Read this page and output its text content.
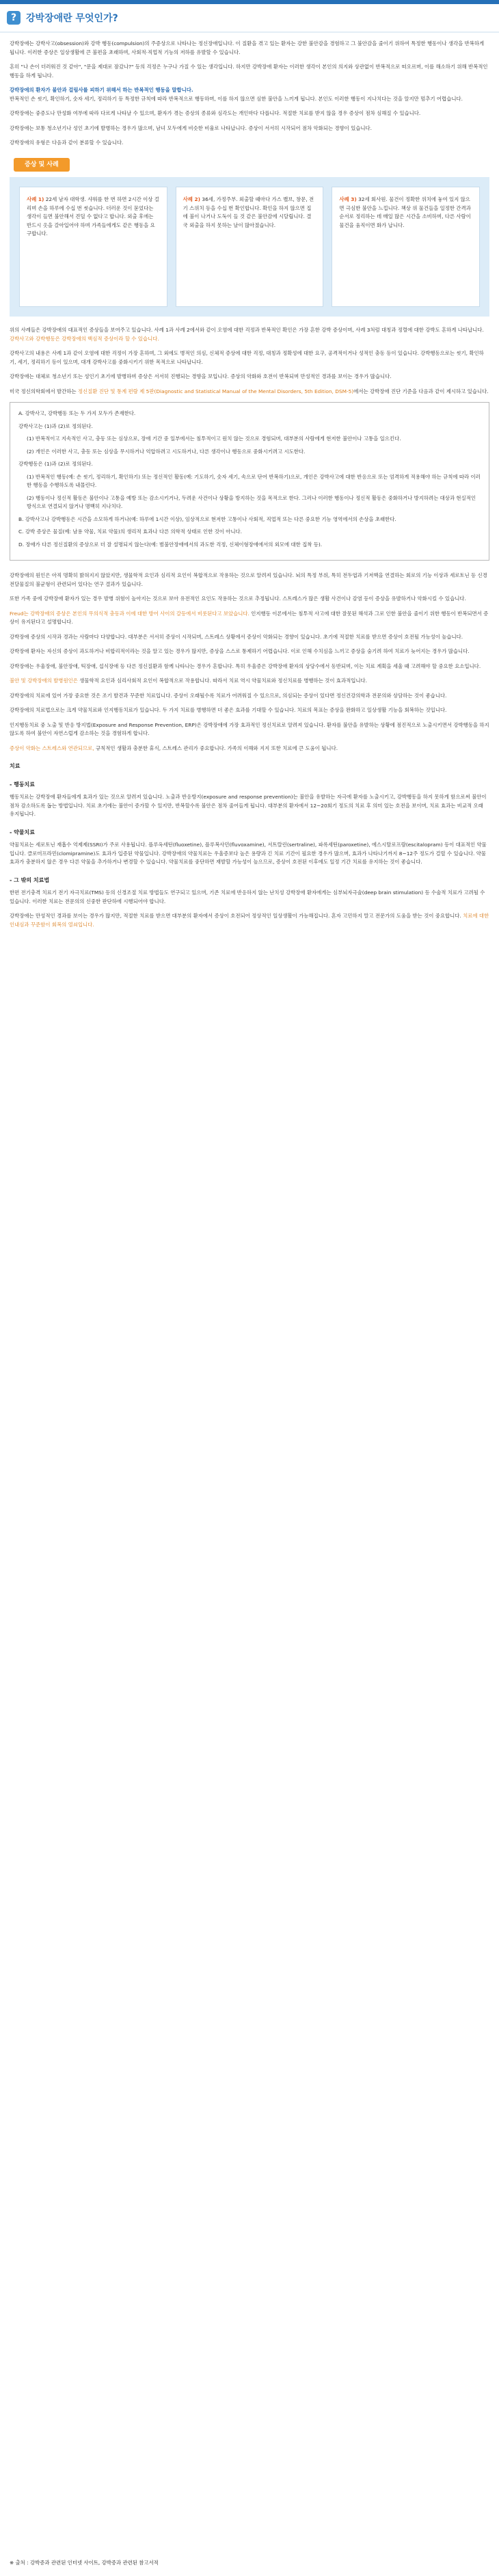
? 강박장애란 무엇인가?

강박장애는 강박사고(obsession)와 강박 행동(compulsion)의 주증상으로 나타나는 정신장애입니다. 이 질환을 겪고 있는 환자는 강한 불안감을 경험하고 그 불안감을 줄이기 위하여 특정한 행동이나 생각을 반복하게 됩니다. 이러한 증상은 일상생활에 큰 불편을 초래하며, 사회적·직업적 기능의 저하를 유발할 수 있습니다.

흔히 "나 손이 더러워진 것 같아", "문을 제대로 잠갔나?" 등의 걱정은 누구나 가질 수 있는 생각입니다. 하지만 강박장애 환자는 이러한 생각이 본인의 의지와 상관없이 반복적으로 떠오르며, 이를 해소하기 위해 반복적인 행동을 하게 됩니다.

강박장애의 환자가 불안과 걸림사를 피하기 위해서 하는 반복적인 행동을 말합니다.
반복적인 손 씻기, 확인하기, 숫자 세기, 정리하기 등 특정한 규칙에 따라 반복적으로 행동하며, 이를 하지 않으면 심한 불안을 느끼게 됩니다. 본인도 이러한 행동이 지나치다는 것을 알지만 멈추기 어렵습니다.

강박장애는 중증도나 만성화 여부에 따라 다르게 나타날 수 있으며, 환자가 겪는 증상의 종류와 심각도는 개인마다 다릅니다. 적절한 치료를 받지 않을 경우 증상이 점차 심해질 수 있습니다.

강박장애는 보통 청소년기나 성인 초기에 발병하는 경우가 많으며, 남녀 모두에게 비슷한 비율로 나타납니다. 증상이 서서히 시작되어 점차 악화되는 경향이 있습니다.

강박장애의 유형은 다음과 같이 분류할 수 있습니다.

증상 및 사례
사례 1) 22세 남자 대학생. 샤워를 한 번 하면 2시간 이상 걸리며 손을 하루에 수십 번 씻습니다. 더러운 것이 묻었다는 생각이 들면 불안해서 견딜 수 없다고 합니다. 외출 후에는 반드시 옷을 갈아입어야 하며 가족들에게도 같은 행동을 요구합니다.
사례 2) 36세, 가정주부. 외출할 때마다 가스 밸브, 창문, 전기 스위치 등을 수십 번 확인합니다. 확인을 하지 않으면 집에 불이 나거나 도둑이 들 것 같은 불안감에 시달립니다. 결국 외출을 하지 못하는 날이 많아졌습니다.
사례 3) 32세 회사원. 물건이 정확한 위치에 놓여 있지 않으면 극심한 불안을 느낍니다. 책상 위 물건들을 일정한 간격과 순서로 정리하는 데 매일 많은 시간을 소비하며, 다른 사람이 물건을 움직이면 화가 납니다.

위의 사례들은 강박장애의 대표적인 증상들을 보여주고 있습니다. 사례 1과 사례 2에서와 같이 오염에 대한 걱정과 반복적인 확인은 가장 흔한 강박 증상이며, 사례 3처럼 대칭과 정렬에 대한 강박도 흔하게 나타납니다. 강박사고와 강박행동은 강박장애의 핵심적 증상이라 할 수 있습니다.

강박사고의 내용은 사례 1과 같이 오염에 대한 걱정이 가장 흔하며, 그 외에도 병적인 의심, 신체적 증상에 대한 걱정, 대칭과 정확성에 대한 요구, 공격적이거나 성적인 충동 등이 있습니다. 강박행동으로는 씻기, 확인하기, 세기, 정리하기 등이 있으며, 대개 강박사고를 중화시키기 위한 목적으로 나타납니다.

강박장애는 대체로 청소년기 또는 성인기 초기에 발병하며 증상은 서서히 진행되는 경향을 보입니다. 증상의 악화와 호전이 반복되며 만성적인 경과를 보이는 경우가 많습니다.

미국 정신의학회에서 발간하는 정신질환 진단 및 통계 편람 제 5판(Diagnostic and Statistical Manual of the Mental Disorders, 5th Edition, DSM-5)에서는 강박장애 진단 기준을 다음과 같이 제시하고 있습니다.

A. 강박사고, 강박행동 또는 두 가지 모두가 존재한다.

강박사고는 (1)과 (2)로 정의된다.

(1) 반복적이고 지속적인 사고, 충동 또는 심상으로, 장애 기간 중 일부에서는 침투적이고 원치 않는 것으로 경험되며, 대부분의 사람에게 현저한 불안이나 고통을 일으킨다.

(2) 개인은 이러한 사고, 충동 또는 심상을 무시하거나 억압하려고 시도하거나, 다른 생각이나 행동으로 중화시키려고 시도한다.

강박행동은 (1)과 (2)로 정의된다.

(1) 반복적인 행동(예: 손 씻기, 정리하기, 확인하기) 또는 정신적인 활동(예: 기도하기, 숫자 세기, 속으로 단어 반복하기)으로, 개인은 강박사고에 대한 반응으로 또는 엄격하게 적용해야 하는 규칙에 따라 이러한 행동을 수행하도록 내몰린다.

(2) 행동이나 정신적 활동은 불안이나 고통을 예방 또는 감소시키거나, 두려운 사건이나 상황을 방지하는 것을 목적으로 한다. 그러나 이러한 행동이나 정신적 활동은 중화하거나 방지하려는 대상과 현실적인 방식으로 연결되지 않거나 명백히 지나치다.

B. 강박사고나 강박행동은 시간을 소모하게 하거나(예: 하루에 1시간 이상), 임상적으로 현저한 고통이나 사회적, 직업적 또는 다른 중요한 기능 영역에서의 손상을 초래한다.

C. 강박 증상은 물질(예: 남용 약물, 치료 약물)의 생리적 효과나 다른 의학적 상태로 인한 것이 아니다.

D. 장애가 다른 정신질환의 증상으로 더 잘 설명되지 않는다(예: 범불안장애에서의 과도한 걱정, 신체이형장애에서의 외모에 대한 집착 등).

강박장애의 원인은 아직 명확히 밝혀지지 않았지만, 생물학적 요인과 심리적 요인이 복합적으로 작용하는 것으로 알려져 있습니다. 뇌의 특정 부위, 특히 전두엽과 기저핵을 연결하는 회로의 기능 이상과 세로토닌 등 신경전달물질의 불균형이 관련되어 있다는 연구 결과가 있습니다.

또한 가족 중에 강박장애 환자가 있는 경우 발병 위험이 높아지는 것으로 보아 유전적인 요인도 작용하는 것으로 추정됩니다. 스트레스가 많은 생활 사건이나 감염 등이 증상을 유발하거나 악화시킬 수 있습니다.

Freud는 강박장애의 증상은 본인의 무의식적 충동과 이에 대한 방어 사이의 갈등에서 비롯된다고 보았습니다. 인지행동 이론에서는 침투적 사고에 대한 잘못된 해석과 그로 인한 불안을 줄이기 위한 행동이 반복되면서 증상이 유지된다고 설명합니다.

강박장애 증상의 시작과 경과는 사람마다 다양합니다. 대부분은 서서히 증상이 시작되며, 스트레스 상황에서 증상이 악화되는 경향이 있습니다. 초기에 적절한 치료를 받으면 증상이 호전될 가능성이 높습니다.

강박장애 환자는 자신의 증상이 과도하거나 비합리적이라는 것을 알고 있는 경우가 많지만, 증상을 스스로 통제하기 어렵습니다. 이로 인해 수치심을 느끼고 증상을 숨기려 하여 치료가 늦어지는 경우가 많습니다.

강박장애는 우울장애, 불안장애, 틱장애, 섭식장애 등 다른 정신질환과 함께 나타나는 경우가 흔합니다. 특히 우울증은 강박장애 환자의 상당수에서 동반되며, 이는 치료 계획을 세울 때 고려해야 할 중요한 요소입니다.

불안 및 강박장애의 발병원인은 생물학적 요인과 심리사회적 요인이 복합적으로 작용합니다. 따라서 치료 역시 약물치료와 정신치료를 병행하는 것이 효과적입니다.

강박장애의 치료에 있어 가장 중요한 것은 조기 발견과 꾸준한 치료입니다. 증상이 오래될수록 치료가 어려워질 수 있으므로, 의심되는 증상이 있다면 정신건강의학과 전문의와 상담하는 것이 좋습니다.

강박장애의 치료법으로는 크게 약물치료와 인지행동치료가 있습니다. 두 가지 치료를 병행하면 더 좋은 효과를 기대할 수 있습니다. 치료의 목표는 증상을 완화하고 일상생활 기능을 회복하는 것입니다.

인지행동치료 중 노출 및 반응 방지법(Exposure and Response Prevention, ERP)은 강박장애에 가장 효과적인 정신치료로 알려져 있습니다. 환자를 불안을 유발하는 상황에 점진적으로 노출시키면서 강박행동을 하지 않도록 하여 불안이 자연스럽게 감소하는 것을 경험하게 합니다.

증상이 악화는 스트레스와 연관되므로, 규칙적인 생활과 충분한 휴식, 스트레스 관리가 중요합니다. 가족의 이해와 지지 또한 치료에 큰 도움이 됩니다.

치료
- 행동치료

행동치료는 강박장애 환자들에게 효과가 있는 것으로 알려져 있습니다. 노출과 반응방지(exposure and response prevention)는 불안을 유발하는 자극에 환자를 노출시키고, 강박행동을 하지 못하게 함으로써 불안이 점차 감소하도록 돕는 방법입니다. 치료 초기에는 불안이 증가할 수 있지만, 반복할수록 불안은 점차 줄어들게 됩니다. 대부분의 환자에서 12~20회기 정도의 치료 후 의미 있는 호전을 보이며, 치료 효과는 비교적 오래 유지됩니다.

- 약물치료

약물치료는 세로토닌 재흡수 억제제(SSRI)가 주로 사용됩니다. 플루옥세틴(fluoxetine), 플루복사민(fluvoxamine), 서트랄린(sertraline), 파록세틴(paroxetine), 에스시탈로프람(escitalopram) 등이 대표적인 약물입니다. 클로미프라민(clomipramine)도 효과가 입증된 약물입니다. 강박장애의 약물치료는 우울증보다 높은 용량과 긴 치료 기간이 필요한 경우가 많으며, 효과가 나타나기까지 8~12주 정도가 걸릴 수 있습니다. 약물 효과가 충분하지 않은 경우 다른 약물을 추가하거나 변경할 수 있습니다. 약물치료를 중단하면 재발할 가능성이 높으므로, 증상이 호전된 이후에도 일정 기간 치료를 유지하는 것이 좋습니다.

- 그 밖의 치료법

한편 전기충격 치료기 전기 자극치료(TMS) 등의 신경조절 치료 방법들도 연구되고 있으며, 기존 치료에 반응하지 않는 난치성 강박장애 환자에게는 심부뇌자극술(deep brain stimulation) 등 수술적 치료가 고려될 수 있습니다. 이러한 치료는 전문의의 신중한 판단하에 시행되어야 합니다.

강박장애는 만성적인 경과를 보이는 경우가 많지만, 적절한 치료를 받으면 대부분의 환자에서 증상이 호전되어 정상적인 일상생활이 가능해집니다. 혼자 고민하지 말고 전문가의 도움을 받는 것이 중요합니다. 치료에 대한 인내심과 꾸준함이 회복의 열쇠입니다.

※ 출처 : 강박증과 관련된 인터넷 사이트, 강박증과 관련된 참고서적
